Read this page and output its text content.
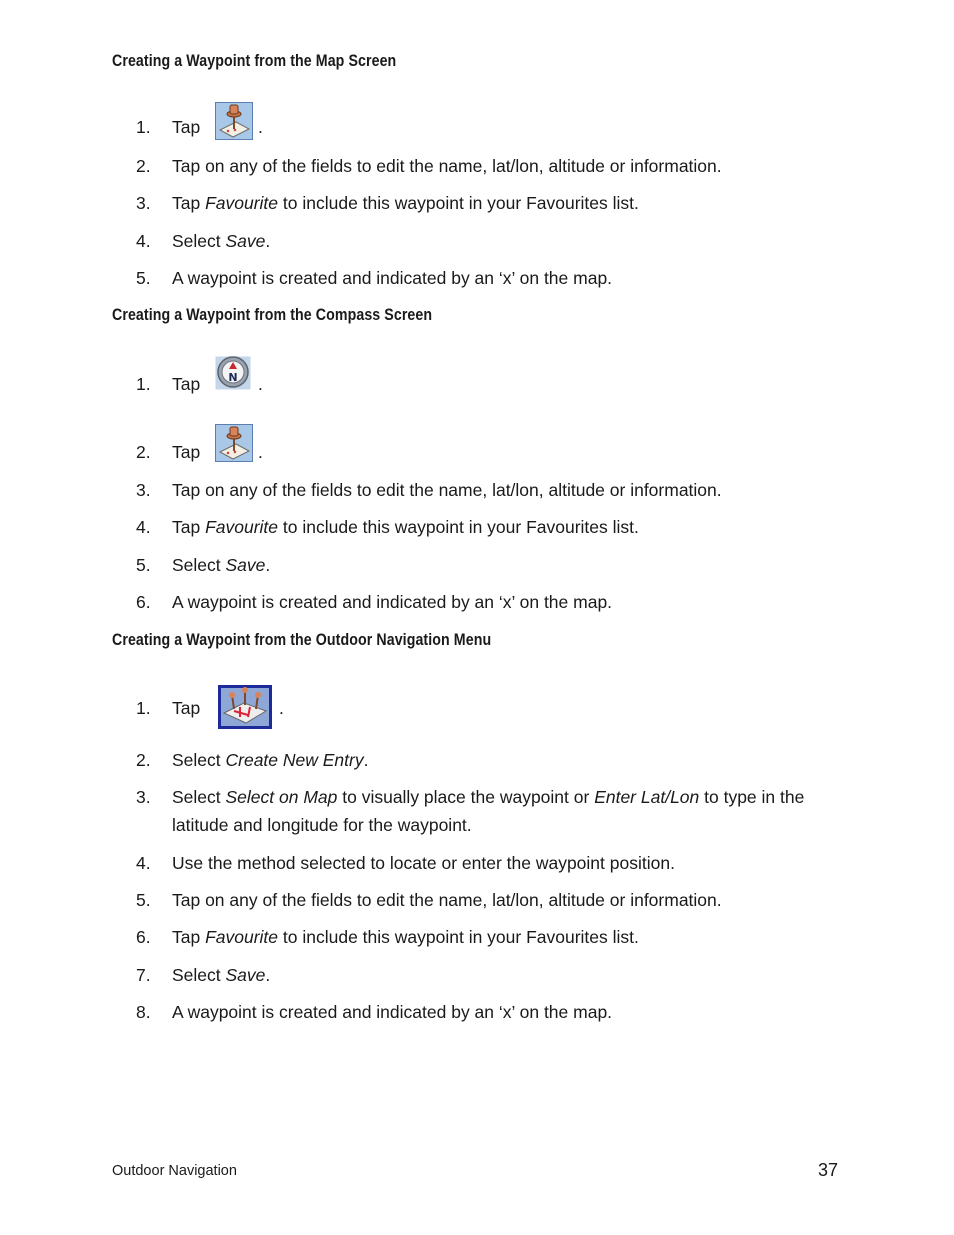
Creating a Waypoint from the Map Screen
1. Tap	.
2. Tap on any of the fields to edit the name, lat/lon, altitude or information.
3. Tap Favourite to include this waypoint in your Favourites list.
4. Select Save.
5. A waypoint is created and indicated by an ‘x’ on the map.
Creating a Waypoint from the Compass Screen
1. Tap	N .
2. Tap	.
3. Tap on any of the fields to edit the name, lat/lon, altitude or information.
4. Tap Favourite to include this waypoint in your Favourites list.
5. Select Save.
6. A waypoint is created and indicated by an ‘x’ on the map.
Creating a Waypoint from the Outdoor Navigation Menu
1. Tap	.
2. Select Create New Entry.
3. Select Select on Map to visually place the waypoint or Enter Lat/Lon to type in the latitude and longitude for the waypoint.
4. Use the method selected to locate or enter the waypoint position.
5. Tap on any of the fields to edit the name, lat/lon, altitude or information.
6. Tap Favourite to include this waypoint in your Favourites list.
7. Select Save.
8. A waypoint is created and indicated by an ‘x’ on the map.
Outdoor Navigation	37
